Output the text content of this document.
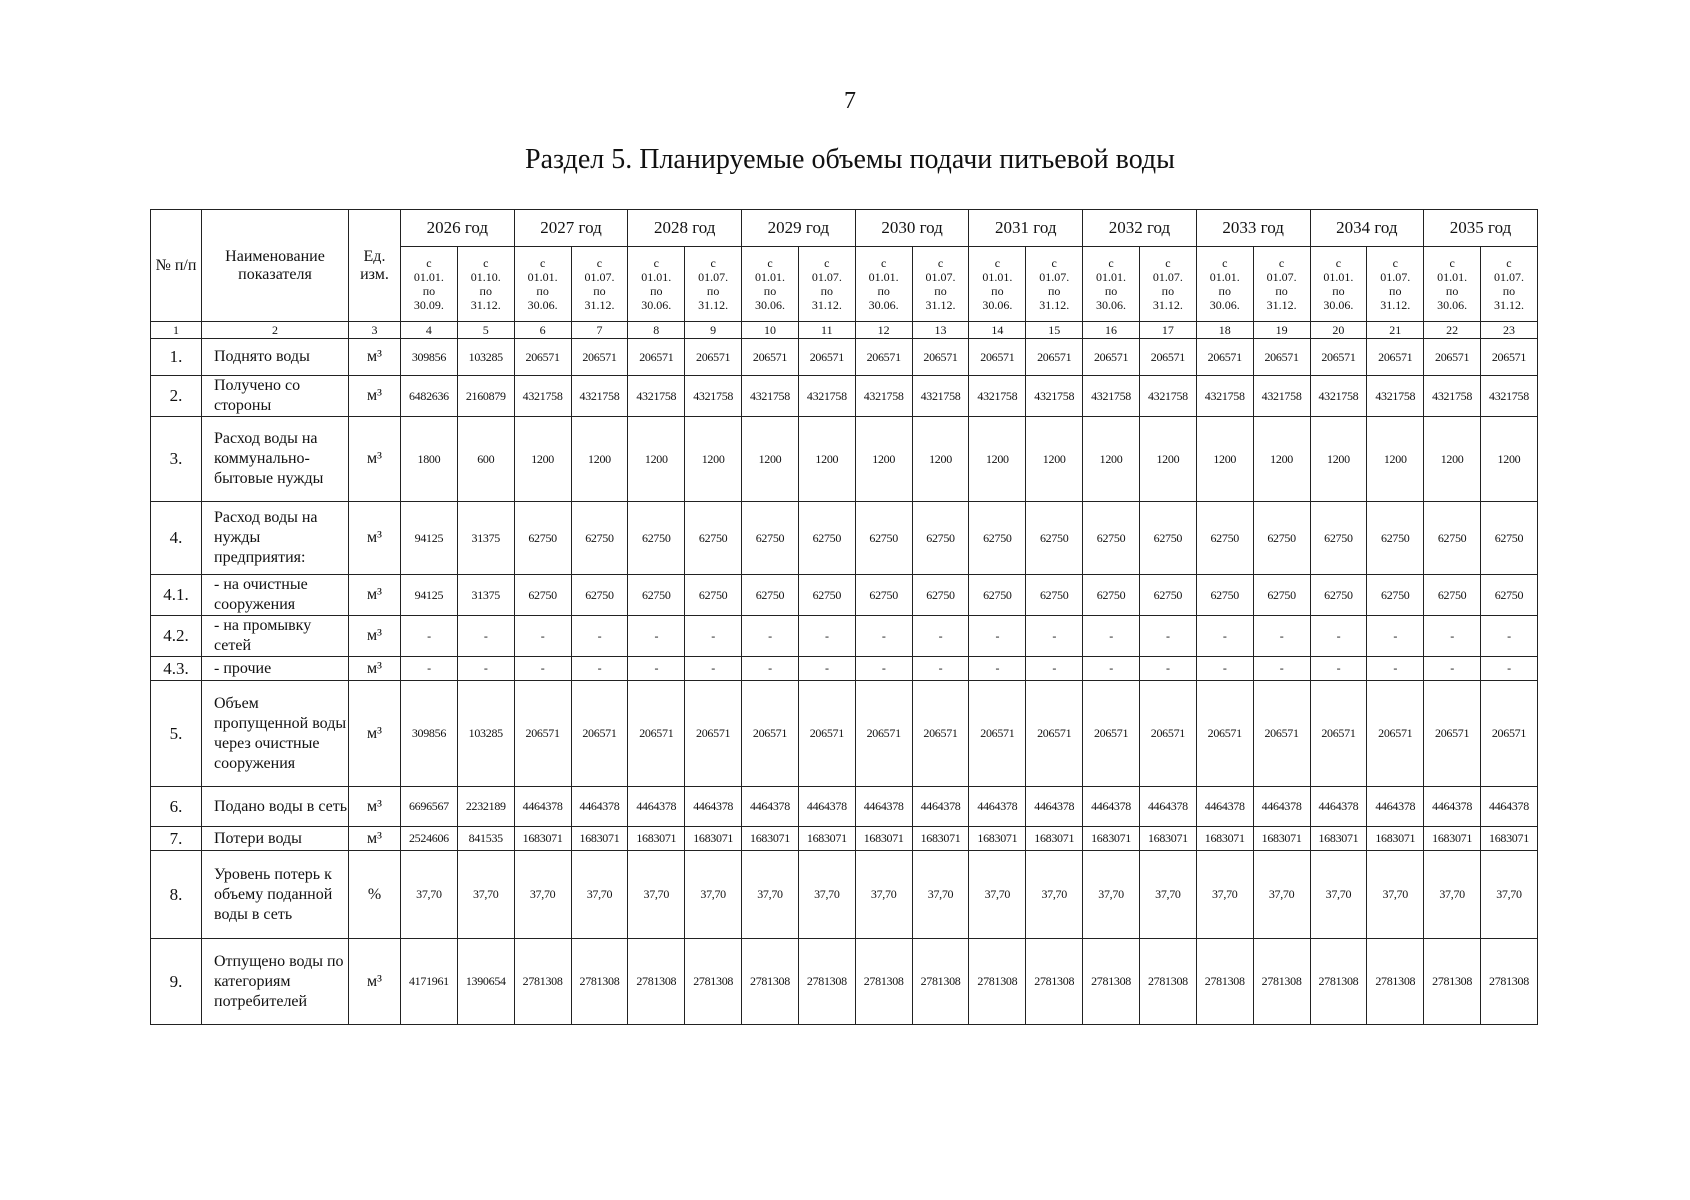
7
Раздел 5. Планируемые объемы подачи питьевой воды
№ п/п	Наименование показателя	Ед. изм.	2026 год		2027 год		2028 год		2029 год		2030 год		2031 год		2032 год		2033 год		2034 год		2035 год	

			с
01.01.
по
30.09.	с
01.10.
по
31.12.	с
01.01.
по
30.06.	с
01.07.
по
31.12.	с
01.01.
по
30.06.	с
01.07.
по
31.12.	с
01.01.
по
30.06.	с
01.07.
по
31.12.	с
01.01.
по
30.06.	с
01.07.
по
31.12.	с
01.01.
по
30.06.	с
01.07.
по
31.12.	с
01.01.
по
30.06.	с
01.07.
по
31.12.	с
01.01.
по
30.06.	с
01.07.
по
31.12.	с
01.01.
по
30.06.	с
01.07.
по
31.12.	с
01.01.
по
30.06.	с
01.07.
по
31.12.

1	2	3	4	5	6	7	8	9	10	11	12	13	14	15	16	17	18	19	20	21	22	23
1.	Поднято воды	м³	309856	103285	206571	206571	206571	206571	206571	206571	206571	206571	206571	206571	206571	206571	206571	206571	206571	206571	206571	206571
2.	Получено со стороны	м³	6482636	2160879	4321758	4321758	4321758	4321758	4321758	4321758	4321758	4321758	4321758	4321758	4321758	4321758	4321758	4321758	4321758	4321758	4321758	4321758
3.	Расход воды на коммунально-бытовые нужды	м³	1800	600	1200	1200	1200	1200	1200	1200	1200	1200	1200	1200	1200	1200	1200	1200	1200	1200	1200	1200
4.	Расход воды на нужды предприятия:	м³	94125	31375	62750	62750	62750	62750	62750	62750	62750	62750	62750	62750	62750	62750	62750	62750	62750	62750	62750	62750
4.1.	- на очистные сооружения	м³	94125	31375	62750	62750	62750	62750	62750	62750	62750	62750	62750	62750	62750	62750	62750	62750	62750	62750	62750	62750
4.2.	- на промывку сетей	м³	-	-	-	-	-	-	-	-	-	-	-	-	-	-	-	-	-	-	-	-
4.3.	- прочие	м³	-	-	-	-	-	-	-	-	-	-	-	-	-	-	-	-	-	-	-	-
5.	Объем пропущенной воды через очистные сооружения	м³	309856	103285	206571	206571	206571	206571	206571	206571	206571	206571	206571	206571	206571	206571	206571	206571	206571	206571	206571	206571
6.	Подано воды в сеть	м³	6696567	2232189	4464378	4464378	4464378	4464378	4464378	4464378	4464378	4464378	4464378	4464378	4464378	4464378	4464378	4464378	4464378	4464378	4464378	4464378
7.	Потери воды	м³	2524606	841535	1683071	1683071	1683071	1683071	1683071	1683071	1683071	1683071	1683071	1683071	1683071	1683071	1683071	1683071	1683071	1683071	1683071	1683071
8.	Уровень потерь к объему поданной воды в сеть	%	37,70	37,70	37,70	37,70	37,70	37,70	37,70	37,70	37,70	37,70	37,70	37,70	37,70	37,70	37,70	37,70	37,70	37,70	37,70	37,70
9.	Отпущено воды по категориям потребителей	м³	4171961	1390654	2781308	2781308	2781308	2781308	2781308	2781308	2781308	2781308	2781308	2781308	2781308	2781308	2781308	2781308	2781308	2781308	2781308	2781308
